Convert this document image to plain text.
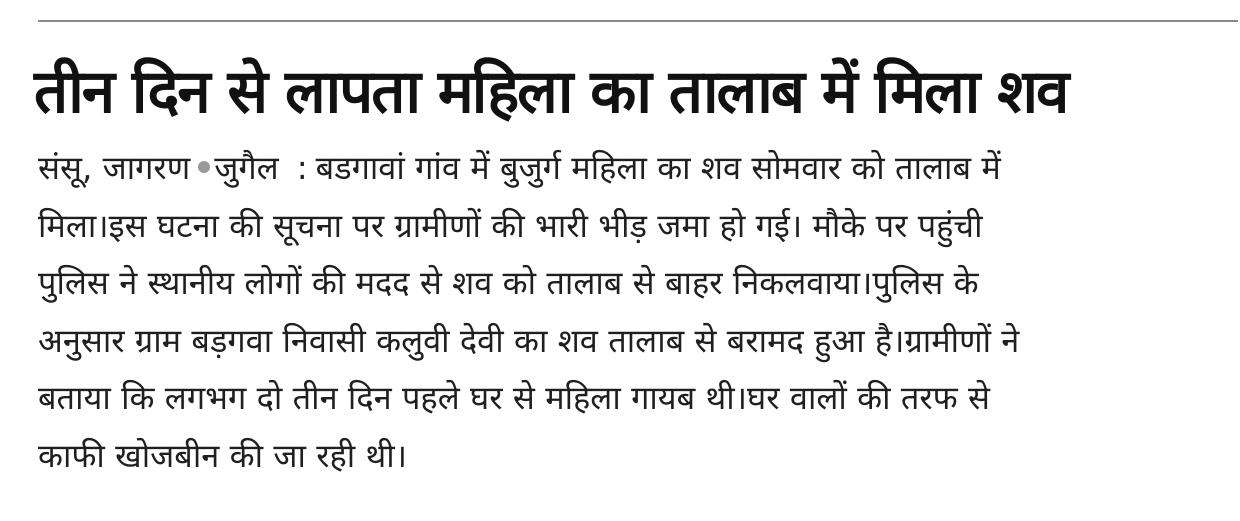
तीन दिन से लापता महिला का तालाब में मिला शव
संसू, जागरण जुगैल : बडगावां गांव में बुजुर्ग महिला का शव सोमवार को तालाब में
मिला।इस घटना की सूचना पर ग्रामीणों की भारी भीड़ जमा हो गई। मौके पर पहुंची
पुलिस ने स्थानीय लोगों की मदद से शव को तालाब से बाहर निकलवाया।पुलिस के
अनुसार ग्राम बड़गवा निवासी कलुवी देवी का शव तालाब से बरामद हुआ है।ग्रामीणों ने
बताया कि लगभग दो तीन दिन पहले घर से महिला गायब थी।घर वालों की तरफ से
काफी खोजबीन की जा रही थी।
